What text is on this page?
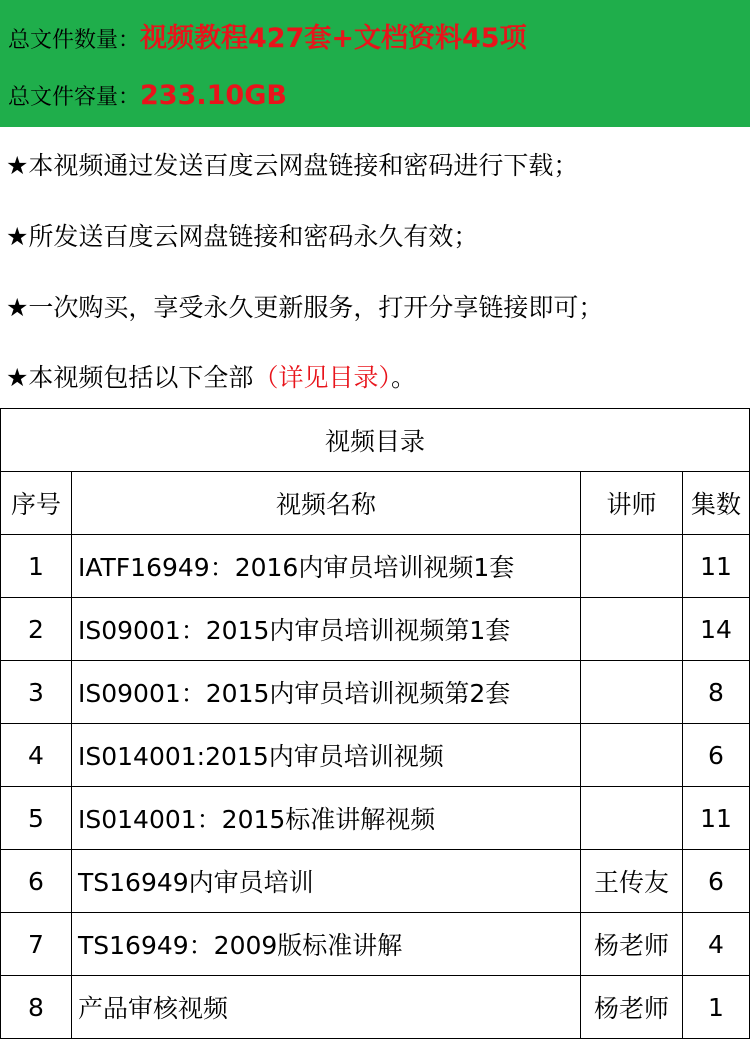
总文件数量：视频教程427套+文档资料45项
总文件容量：233.10GB
★本视频通过发送百度云网盘链接和密码进行下载；
★所发送百度云网盘链接和密码永久有效；
★一次购买，享受永久更新服务，打开分享链接即可；
★本视频包括以下全部（详见目录）。
视频目录			
序号	视频名称	讲师	集数
1	IATF16949：2016内审员培训视频1套		11
2	IS09001：2015内审员培训视频第1套		14
3	IS09001：2015内审员培训视频第2套		8
4	IS014001:2015内审员培训视频		6
5	IS014001：2015标准讲解视频		11
6	TS16949内审员培训	王传友	6
7	TS16949：2009版标准讲解	杨老师	4
8	产品审核视频	杨老师	1
